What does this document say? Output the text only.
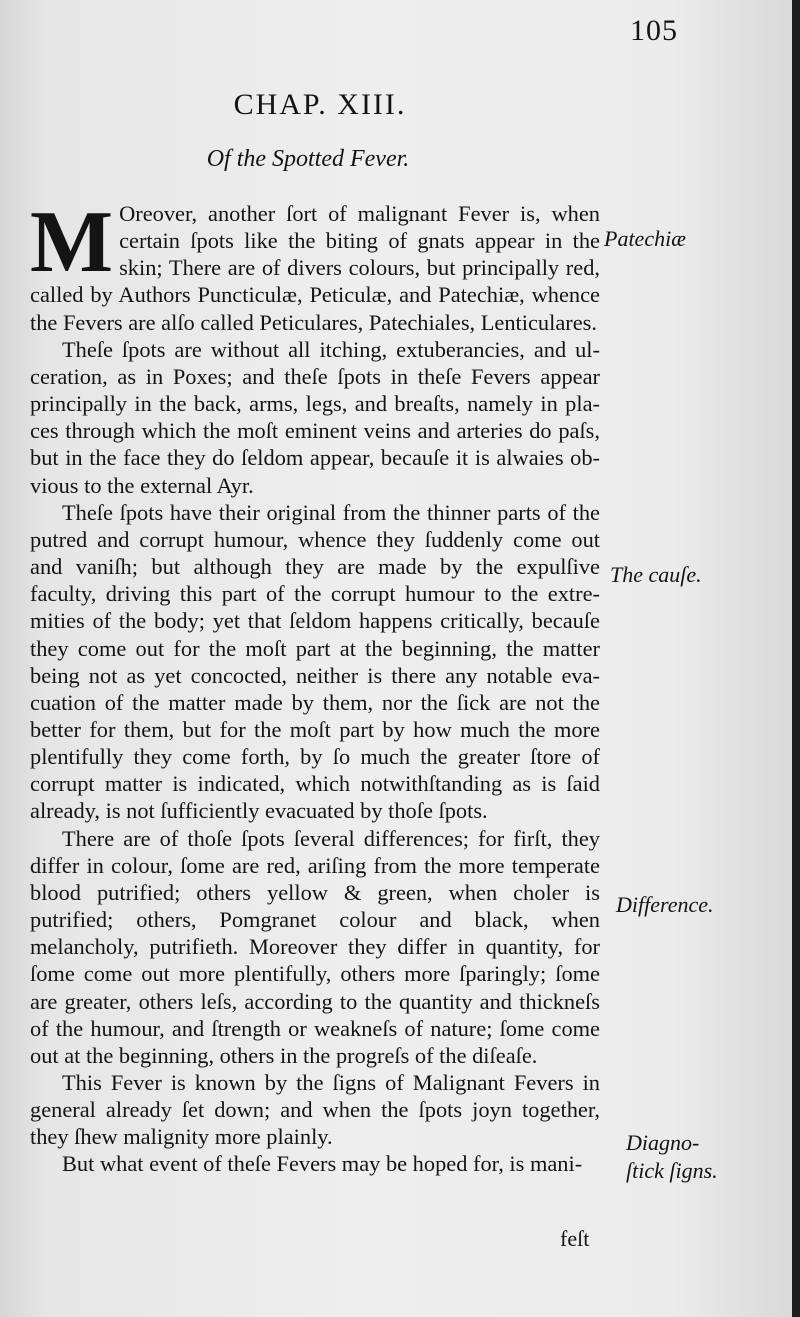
105
CHAP. XIII.
Of the Spotted Fever.

M Oreover, another ſort of malignant Fever is, when certain ſpots like the biting of gnats appear in the skin; There are of divers colours, but principally red, called by Authors Puncticulæ, Peticulæ, and Patechiæ, whence the Fevers are alſo called Peticulares, Patechiales, Lenticulares.

Theſe ſpots are without all itching, extuberancies, and ulceration, as in Poxes; and theſe ſpots in theſe Fevers appear principally in the back, arms, legs, and breaſts, namely in places through which the moſt eminent veins and arteries do paſs, but in the face they do ſeldom appear, becauſe it is alwaies obvious to the external Ayr.

Theſe ſpots have their original from the thinner parts of the putred and corrupt humour, whence they ſuddenly come out and vaniſh; but although they are made by the expulſive faculty, driving this part of the corrupt humour to the extremities of the body; yet that ſeldom happens critically, becauſe they come out for the moſt part at the beginning, the matter being not as yet concocted, neither is there any notable evacuation of the matter made by them, nor the ſick are not the better for them, but for the moſt part by how much the more plentifully they come forth, by ſo much the greater ſtore of corrupt matter is indicated, which notwithſtanding as is ſaid already, is not ſufficiently evacuated by thoſe ſpots.

There are of thoſe ſpots ſeveral differences; for firſt, they differ in colour, ſome are red, ariſing from the more temperate blood putrified; others yellow & green, when choler is putrified; others, Pomgranet colour and black, when melancholy, putrifieth. Moreover they differ in quantity, for ſome come out more plentifully, others more ſparingly; ſome are greater, others leſs, according to the quantity and thickneſs of the humour, and ſtrength or weakneſs of nature; ſome come out at the beginning, others in the progreſs of the diſeaſe.

This Fever is known by the ſigns of Malignant Fevers in general already ſet down; and when the ſpots joyn together, they ſhew malignity more plainly.

But what event of theſe Fevers may be hoped for, is mani-

Patechiæ
The cauſe.
Difference.
Diagno-
ſtick ſigns.
feſt
